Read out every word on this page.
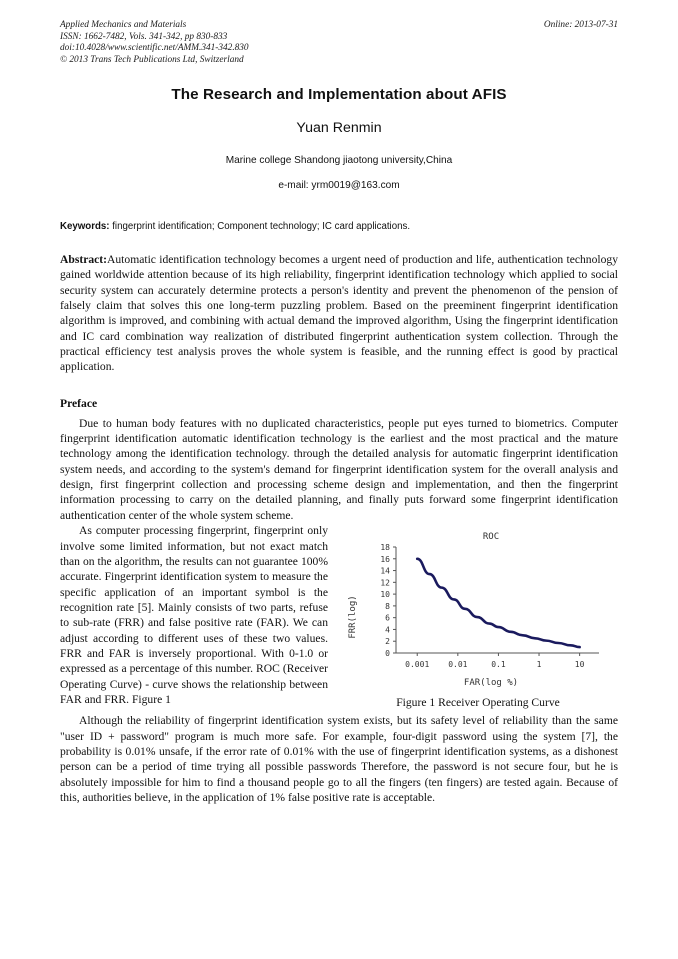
Applied Mechanics and Materials
ISSN: 1662-7482, Vols. 341-342, pp 830-833
doi:10.4028/www.scientific.net/AMM.341-342.830
© 2013 Trans Tech Publications Ltd, Switzerland
Online: 2013-07-31
The Research and Implementation about AFIS
Yuan Renmin
Marine college Shandong jiaotong university,China
e-mail: yrm0019@163.com
Keywords: fingerprint identification; Component technology; IC card applications.
Abstract:Automatic identification technology becomes a urgent need of production and life, authentication technology gained worldwide attention because of its high reliability, fingerprint identification technology which applied to social security system can accurately determine protects a person's identity and prevent the phenomenon of the pension of falsely claim that solves this one long-term puzzling problem. Based on the preeminent fingerprint identification algorithm is improved, and combining with actual demand the improved algorithm, Using the fingerprint identification and IC card combination way realization of distributed fingerprint authentication system collection. Through the practical efficiency test analysis proves the whole system is feasible, and the running effect is good by practical application.
Preface
Due to human body features with no duplicated characteristics, people put eyes turned to biometrics. Computer fingerprint identification automatic identification technology is the earliest and the most practical and the mature technology among the identification technology. through the detailed analysis for automatic fingerprint identification system needs, and according to the system's demand for fingerprint identification system for the overall analysis and design, first fingerprint collection and processing scheme design and implementation, and then the fingerprint information processing to carry on the detailed planning, and finally puts forward some fingerprint identification authentication center of the whole system scheme.
ROC
FRR(log)
FAR(log %)
0
2
4
6
8
10
12
14
16
18
0.001 0.01	0.1	1	10
Figure 1 Receiver Operating Curve
As computer processing fingerprint, fingerprint only involve some limited information, but not exact match than on the algorithm, the results can not guarantee 100% accurate. Fingerprint identification system to measure the specific application of an important symbol is the recognition rate [5]. Mainly consists of two parts, refuse to sub-rate (FRR) and false positive rate (FAR). We can adjust according to different uses of these two values. FRR and FAR is inversely proportional. With 0-1.0 or expressed as a percentage of this number. ROC (Receiver Operating Curve) - curve shows the relationship between FAR and FRR. Figure 1
Although the reliability of fingerprint identification system exists, but its safety level of reliability than the same "user ID + password" program is much more safe. For example, four-digit password using the system [7], the probability is 0.01% unsafe, if the error rate of 0.01% with the use of fingerprint identification systems, as a dishonest person can be a period of time trying all possible passwords Therefore, the password is not secure four, but he is absolutely impossible for him to find a thousand people go to all the fingers (ten fingers) are tested again. Because of this, authorities believe, in the application of 1% false positive rate is acceptable.
